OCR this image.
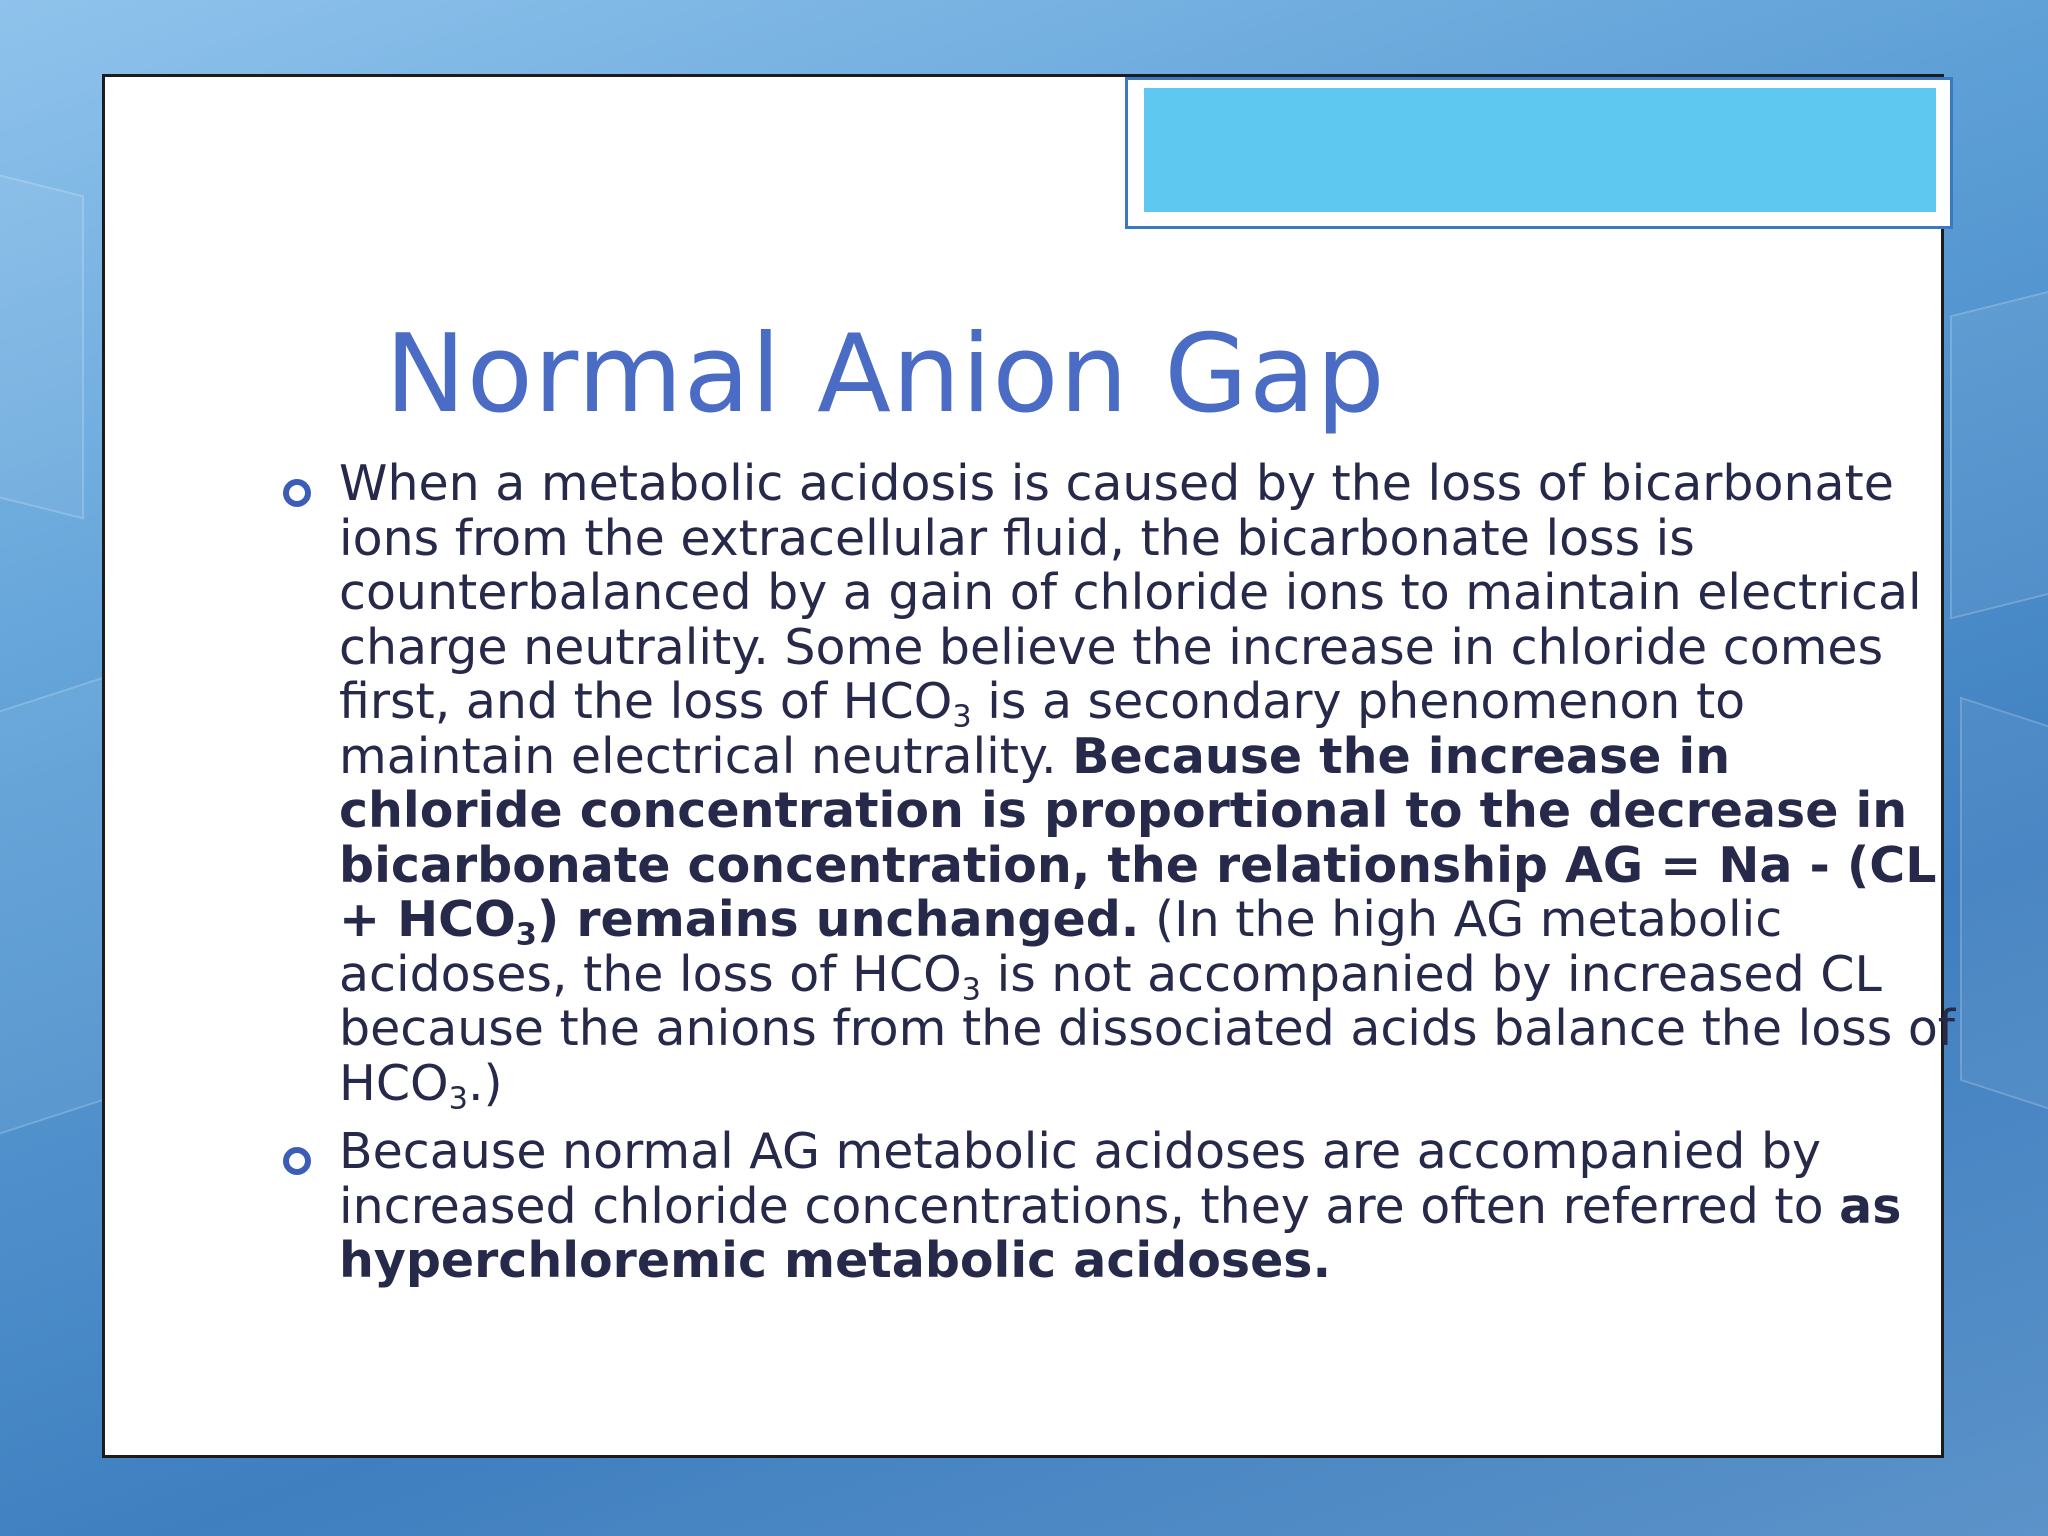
Normal Anion Gap
When a metabolic acidosis is caused by the loss of bicarbonate ions from the extracellular fluid, the bicarbonate loss is counterbalanced by a gain of chloride ions to maintain electrical charge neutrality. Some believe the increase in chloride comes first, and the loss of $HCO_3$ is a secondary phenomenon to maintain electrical neutrality. Because the increase in chloride concentration is proportional to the decrease in bicarbonate concentration, the relationship AG = $Na - (CL + HCO_3)$ remains unchanged. (In the high AG metabolic acidoses, the loss of $HCO_3$ is not accompanied by increased CL because the anions from the dissociated acids balance the loss of $HCO_3$.)
Because normal AG metabolic acidoses are accompanied by increased chloride concentrations, they are often referred to as hyperchloremic metabolic acidoses.
